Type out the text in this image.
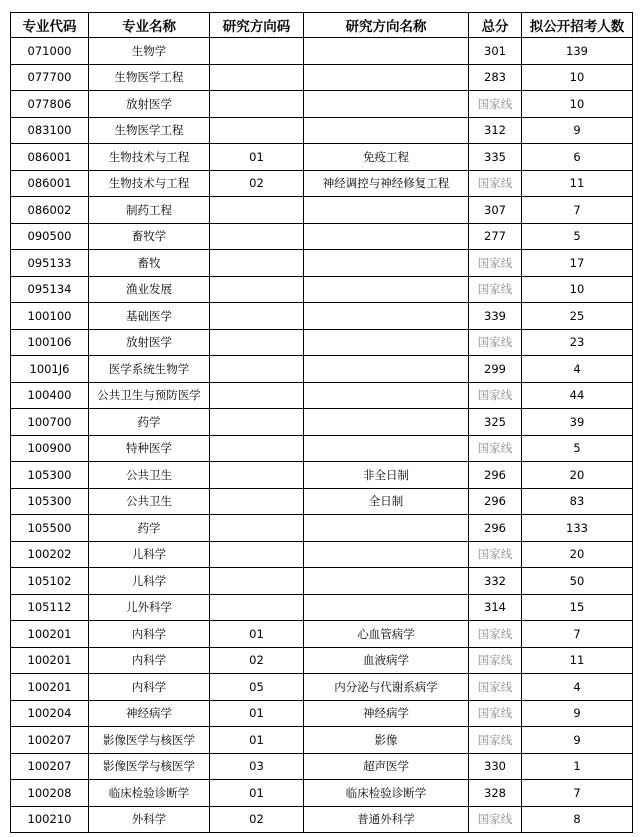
专业代码	专业名称	研究方向码	研究方向名称	总分	拟公开招考人数
071000	生物学			301	139
077700	生物医学工程			283	10
077806	放射医学			国家线	10
083100	生物医学工程			312	9
086001	生物技术与工程	01	免疫工程	335	6
086001	生物技术与工程	02	神经调控与神经修复工程	国家线	11
086002	制药工程			307	7
090500	畜牧学			277	5
095133	畜牧			国家线	17
095134	渔业发展			国家线	10
100100	基础医学			339	25
100106	放射医学			国家线	23
1001J6	医学系统生物学			299	4
100400	公共卫生与预防医学			国家线	44
100700	药学			325	39
100900	特种医学			国家线	5
105300	公共卫生		非全日制	296	20
105300	公共卫生		全日制	296	83
105500	药学			296	133
100202	儿科学			国家线	20
105102	儿科学			332	50
105112	儿外科学			314	15
100201	内科学	01	心血管病学	国家线	7
100201	内科学	02	血液病学	国家线	11
100201	内科学	05	内分泌与代谢系病学	国家线	4
100204	神经病学	01	神经病学	国家线	9
100207	影像医学与核医学	01	影像	国家线	9
100207	影像医学与核医学	03	超声医学	330	1
100208	临床检验诊断学	01	临床检验诊断学	328	7
100210	外科学	02	普通外科学	国家线	8
